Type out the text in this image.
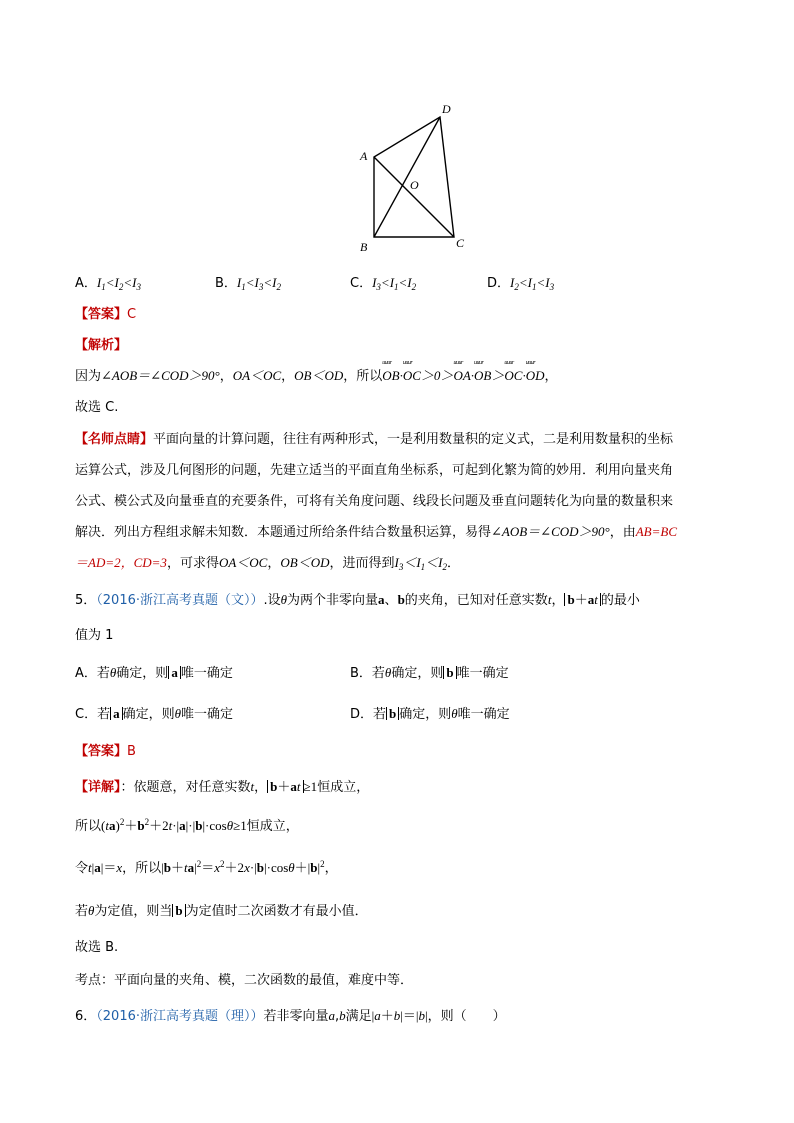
D
A
O
B	C
A．$I_1<I_2<I_3$	B．$I_1<I_3<I_2$	C．$I_3<I_1<I_2$	D．$I_2<I_1<I_3$
【答案】C
【解析】
因为∠AOB＝∠COD＞90°，OA＜OC，OB＜OD，所以uuur OB·uuur OC＞0＞uuur OA·uuur OB＞uuur OC·uuur OD，
故选 C.
【名师点睛】平面向量的计算问题，往往有两种形式，一是利用数量积的定义式，二是利用数量积的坐标
运算公式，涉及几何图形的问题，先建立适当的平面直角坐标系，可起到化繁为简的妙用．利用向量夹角
公式、模公式及向量垂直的充要条件，可将有关角度问题、线段长问题及垂直问题转化为向量的数量积来
解决．列出方程组求解未知数．本题通过所给条件结合数量积运算，易得∠AOB＝∠COD＞90°，由AB=BC
＝AD=2，CD=3，可求得OA＜OC，OB＜OD，进而得到$I_3<I_1<I_2$．
5．（2016·浙江高考真题（文））.设θ为两个非零向量a、b的夹角，已知对任意实数t， b＋at 的最小
值为 1
A．若θ确定，则 a 唯一确定	B．若θ确定，则 b 唯一确定
C．若 a 确定，则θ唯一确定	D．若 b 确定，则θ唯一确定
【答案】B
【详解】：依题意，对任意实数t， b＋at ≥1恒成立，
所以$(ta)^2+b^2+2t\cdot|a|\cdot|b|\cdot\cos\theta\ge 1$恒成立，
令t|a|＝x，所以$|b+ta|^2=x^2+2x\cdot|b|\cdot\cos\theta+|b|^2$，
若θ为定值，则当 b 为定值时二次函数才有最小值．
故选 B.
考点：平面向量的夹角、模，二次函数的最值，难度中等．
6．（2016·浙江高考真题（理））若非零向量a,b满足|a＋b|＝|b|，则（　　）
